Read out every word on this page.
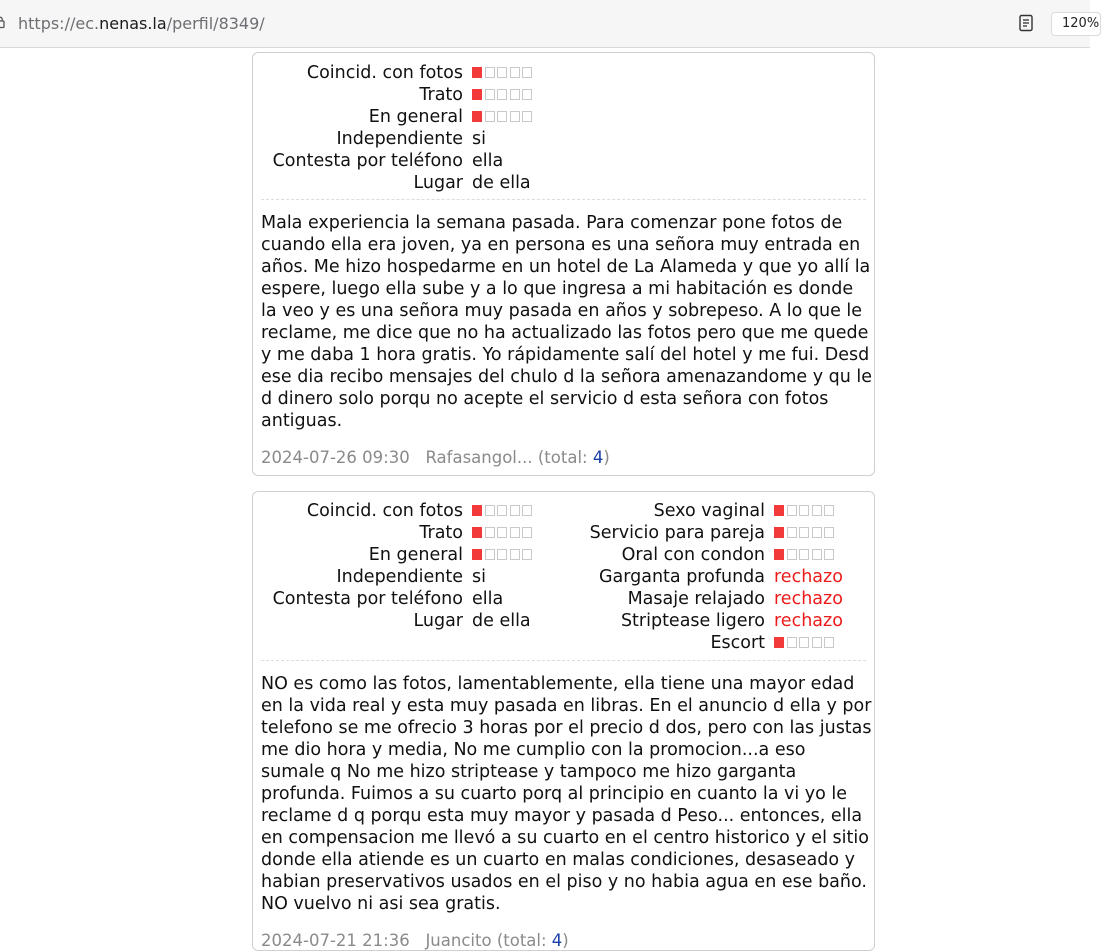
https://ec.nenas.la/perfil/8349/	120%
Coincid. con fotos
Trato
En general
Independiente si
Contesta por teléfono ella
Lugar de ella
Mala experiencia la semana pasada. Para comenzar pone fotos de cuando ella era joven, ya en persona es una señora muy entrada en años. Me hizo hospedarme en un hotel de La Alameda y que yo allí la espere, luego ella sube y a lo que ingresa a mi habitación es donde la veo y es una señora muy pasada en años y sobrepeso. A lo que le reclame, me dice que no ha actualizado las fotos pero que me quede y me daba 1 hora gratis. Yo rápidamente salí del hotel y me fui. Desd ese dia recibo mensajes del chulo d la señora amenazandome y qu le d dinero solo porqu no acepte el servicio d esta señora con fotos antiguas.
2024-07-26 09:30 Rafasangol... (total: 4)
Coincid. con fotos
Trato
En general
Independiente si
Contesta por teléfono ella
Lugar de ella
Sexo vaginal
Servicio para pareja
Oral con condon
Garganta profunda rechazo
Masaje relajado rechazo
Striptease ligero rechazo
Escort
NO es como las fotos, lamentablemente, ella tiene una mayor edad en la vida real y esta muy pasada en libras. En el anuncio d ella y por telefono se me ofrecio 3 horas por el precio d dos, pero con las justas me dio hora y media, No me cumplio con la promocion...a eso sumale q No me hizo striptease y tampoco me hizo garganta profunda. Fuimos a su cuarto porq al principio en cuanto la vi yo le reclame d q porqu esta muy mayor y pasada d Peso... entonces, ella en compensacion me llevó a su cuarto en el centro historico y el sitio donde ella atiende es un cuarto en malas condiciones, desaseado y habian preservativos usados en el piso y no habia agua en ese baño. NO vuelvo ni asi sea gratis.
2024-07-21 21:36 Juancito (total: 4)
